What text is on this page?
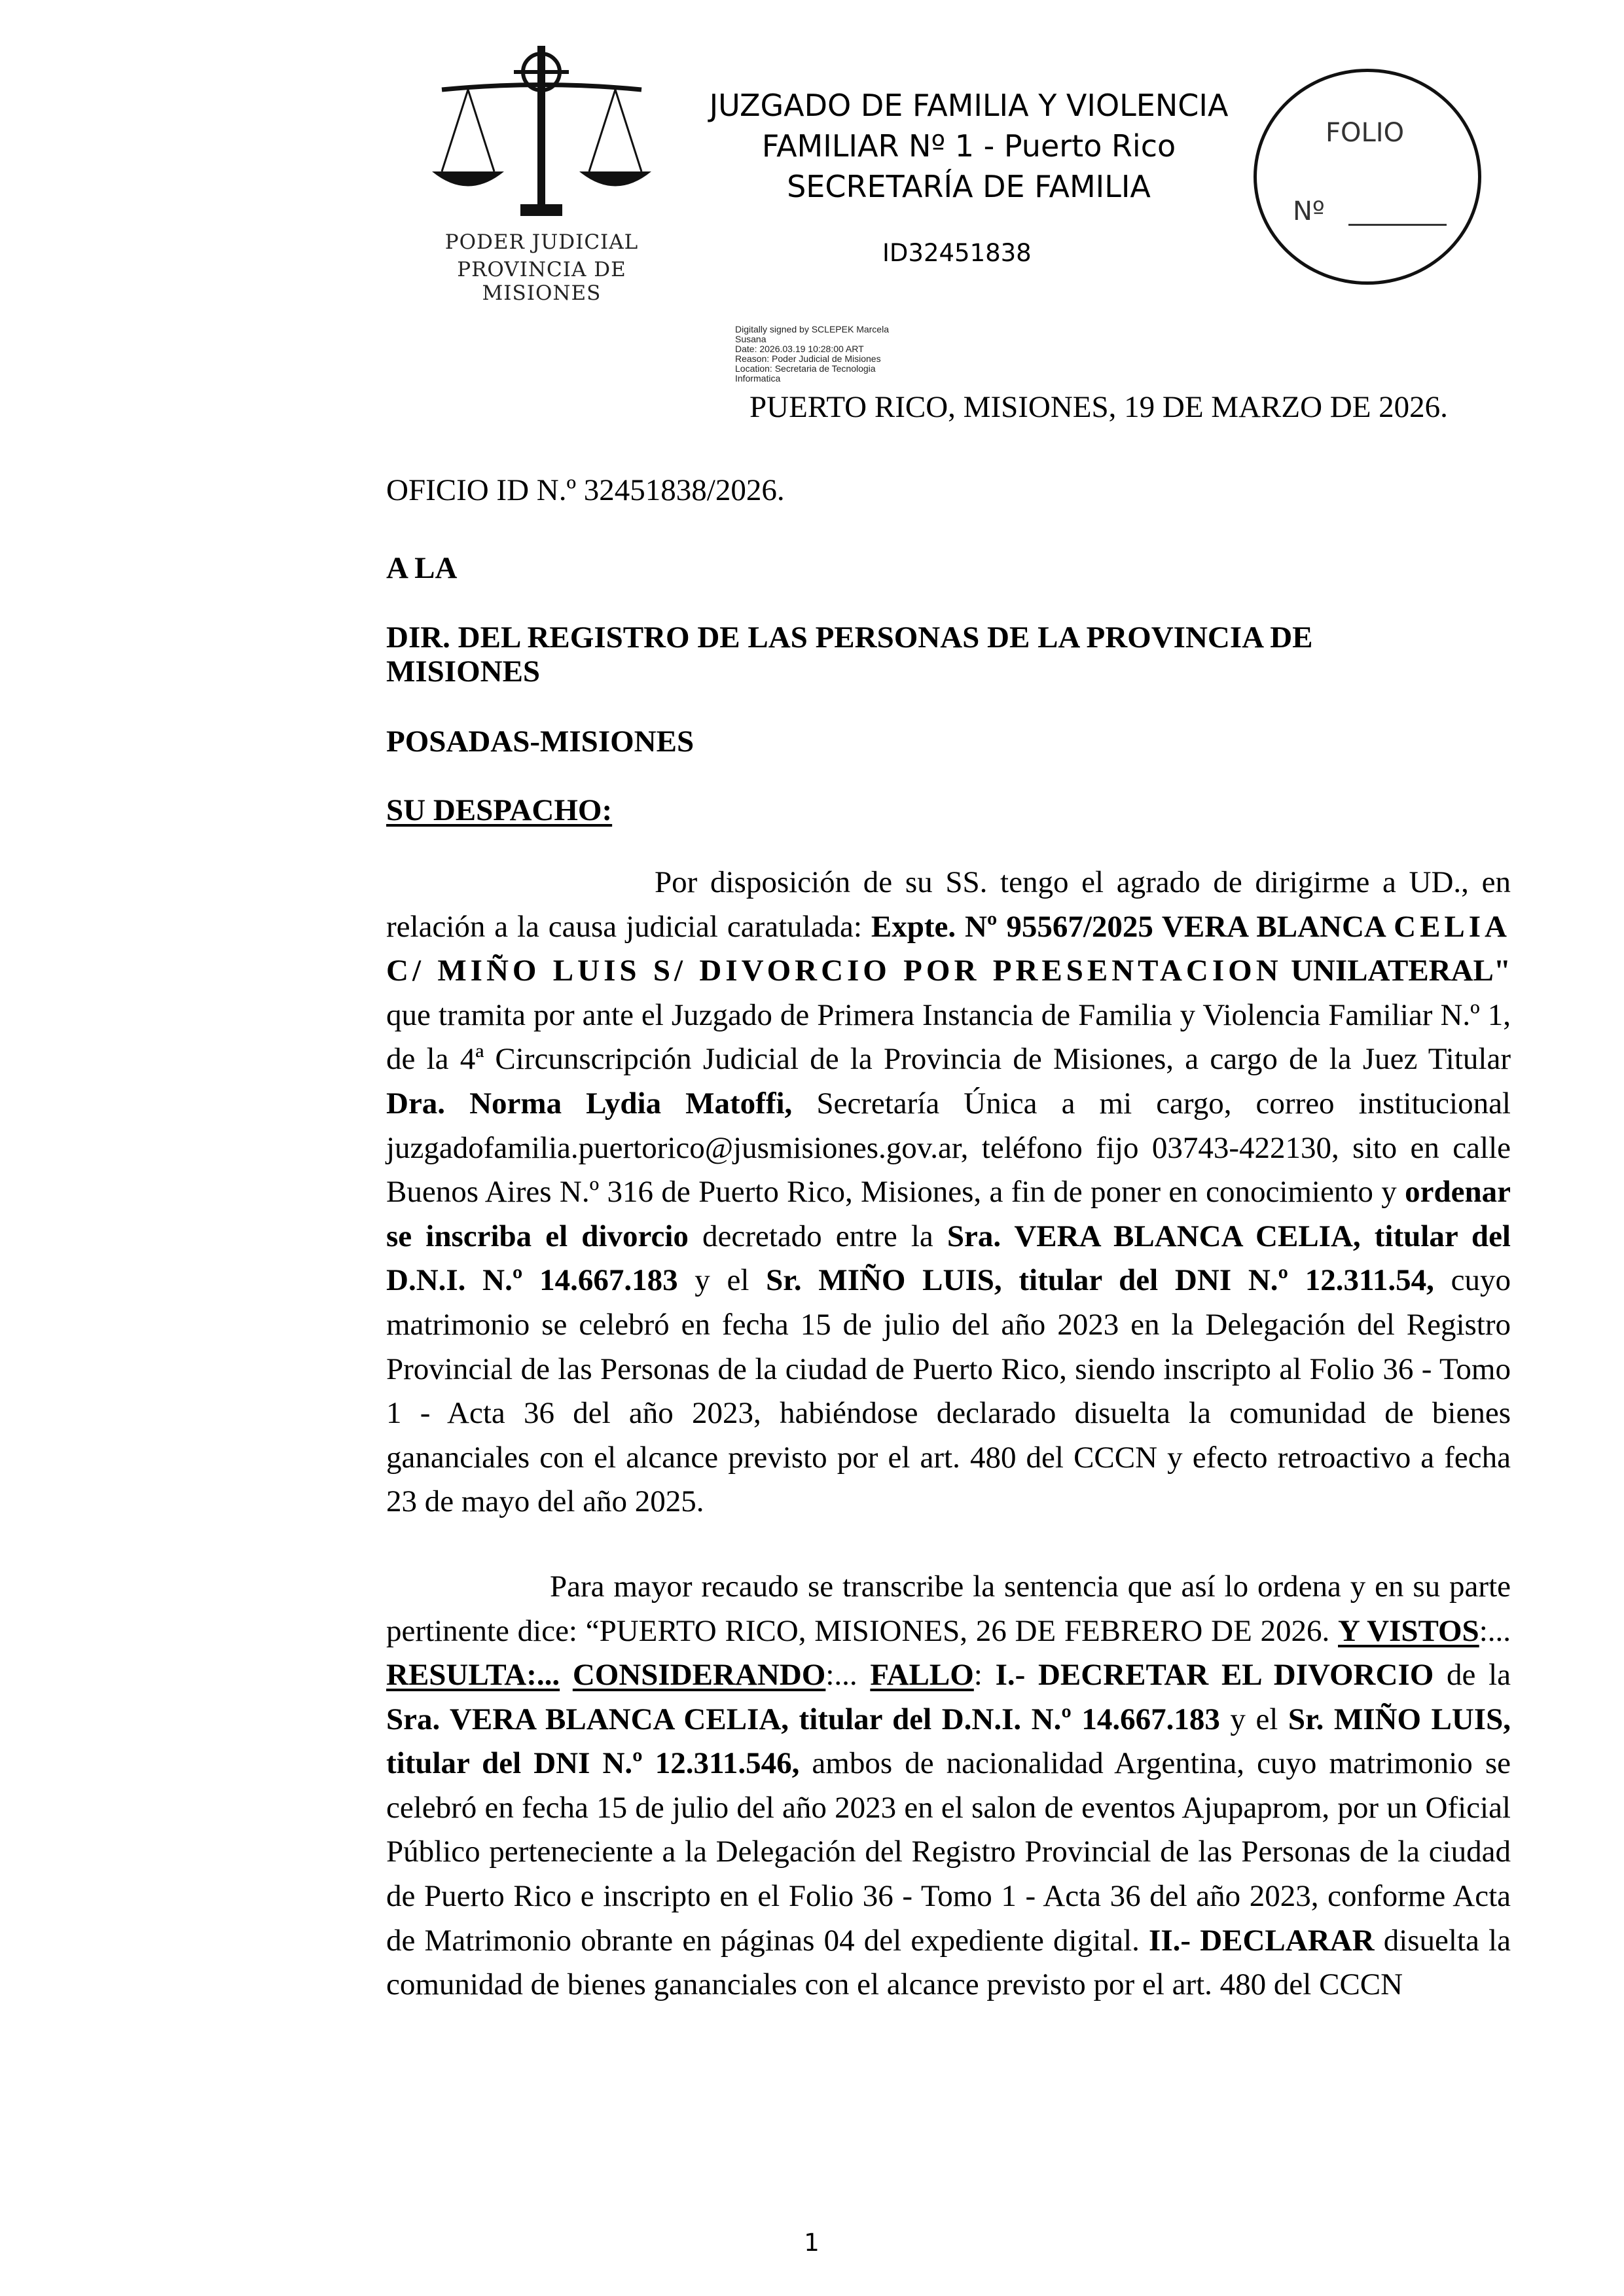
PODER JUDICIAL
PROVINCIA DE MISIONES
JUZGADO DE FAMILIA Y VIOLENCIA
FAMILIAR Nº 1 - Puerto Rico
SECRETARÍA DE FAMILIA
ID32451838
FOLIO
Nº
Digitally signed by SCLEPEK Marcela
Susana
Date: 2026.03.19 10:28:00 ART
Reason: Poder Judicial de Misiones
Location: Secretaria de Tecnologia
Informatica
PUERTO RICO, MISIONES, 19 DE MARZO DE 2026.
OFICIO ID N.º 32451838/2026.
A LA
DIR. DEL REGISTRO DE LAS PERSONAS DE LA PROVINCIA DE
MISIONES
POSADAS-MISIONES
SU DESPACHO:

Por disposición de su SS. tengo el agrado de dirigirme a UD., en relación a la causa judicial caratulada: Expte. Nº 95567/2025 VERA BLANCA CELIA C/ MIÑO LUIS S/ DIVORCIO POR PRESENTACION UNILATERAL" que tramita por ante el Juzgado de Primera Instancia de Familia y Violencia Familiar N.º 1, de la 4ª Circunscripción Judicial de la Provincia de Misiones, a cargo de la Juez Titular Dra. Norma Lydia Matoffi, Secretaría Única a mi cargo, correo institucional juzgadofamilia.puertorico@jusmisiones.gov.ar, teléfono fijo 03743-422130, sito en calle Buenos Aires N.º 316 de Puerto Rico, Misiones, a fin de poner en conocimiento y ordenar se inscriba el divorcio decretado entre la Sra. VERA BLANCA CELIA, titular del D.N.I. N.º 14.667.183 y el Sr. MIÑO LUIS, titular del DNI N.º 12.311.54, cuyo matrimonio se celebró en fecha 15 de julio del año 2023 en la Delegación del Registro Provincial de las Personas de la ciudad de Puerto Rico, siendo inscripto al Folio 36 - Tomo 1 - Acta 36 del año 2023, habiéndose declarado disuelta la comunidad de bienes gananciales con el alcance previsto por el art. 480 del CCCN y efecto retroactivo a fecha 23 de mayo del año 2025.

Para mayor recaudo se transcribe la sentencia que así lo ordena y en su parte pertinente dice: “PUERTO RICO, MISIONES, 26 DE FEBRERO DE 2026. Y VISTOS:... RESULTA:... CONSIDERANDO:... FALLO: I.- DECRETAR EL DIVORCIO de la Sra. VERA BLANCA CELIA, titular del D.N.I. N.º 14.667.183 y el Sr. MIÑO LUIS, titular del DNI N.º 12.311.546, ambos de nacionalidad Argentina, cuyo matrimonio se celebró en fecha 15 de julio del año 2023 en el salon de eventos Ajupaprom, por un Oficial Público perteneciente a la Delegación del Registro Provincial de las Personas de la ciudad de Puerto Rico e inscripto en el Folio 36 - Tomo 1 - Acta 36 del año 2023, conforme Acta de Matrimonio obrante en páginas 04 del expediente digital. II.- DECLARAR disuelta la comunidad de bienes gananciales con el alcance previsto por el art. 480 del CCCN

1
